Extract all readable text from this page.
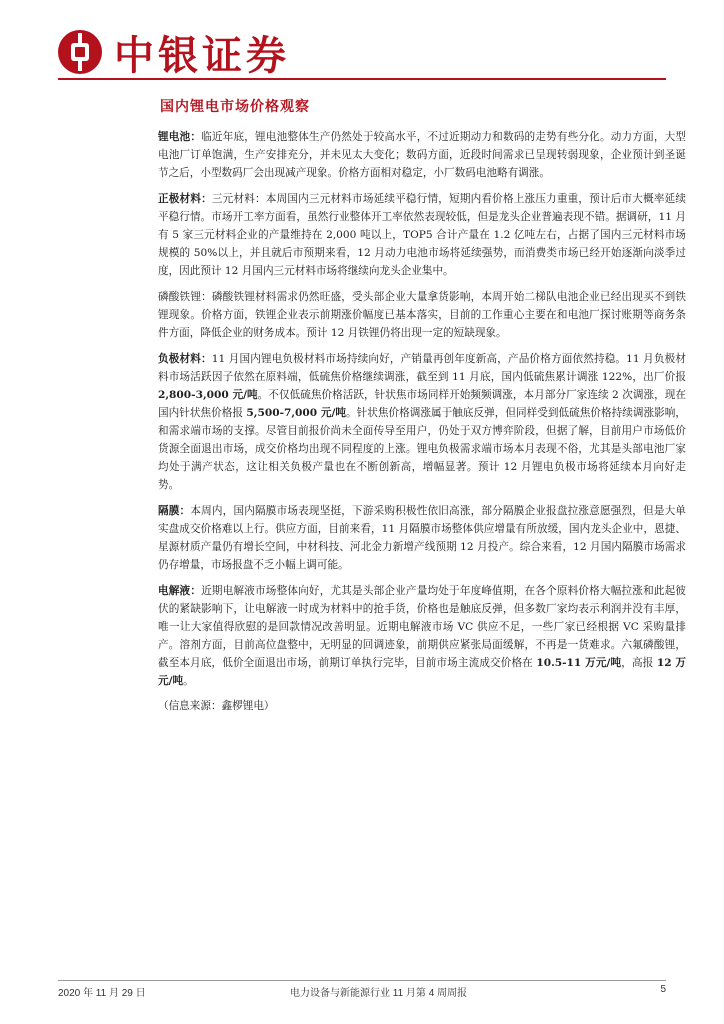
中银证券
国内锂电市场价格观察

锂电池：临近年底，锂电池整体生产仍然处于较高水平，不过近期动力和数码的走势有些分化。动力方面，大型电池厂订单饱满，生产安排充分，并未见太大变化；数码方面，近段时间需求已呈现转弱现象，企业预计到圣诞节之后，小型数码厂会出现减产现象。价格方面相对稳定，小厂数码电池略有调涨。

正极材料：三元材料：本周国内三元材料市场延续平稳行情，短期内看价格上涨压力重重，预计后市大概率延续平稳行情。市场开工率方面看，虽然行业整体开工率依然表现较低，但是龙头企业普遍表现不错。据调研，11 月有 5 家三元材料企业的产量维持在 2,000 吨以上，TOP5 合计产量在 1.2 亿吨左右，占据了国内三元材料市场规模的 50%以上，并且就后市预期来看，12 月动力电池市场将延续强势，而消费类市场已经开始逐渐向淡季过度，因此预计 12 月国内三元材料市场将继续向龙头企业集中。

磷酸铁锂：磷酸铁锂材料需求仍然旺盛，受头部企业大量拿货影响，本周开始二梯队电池企业已经出现买不到铁锂现象。价格方面，铁锂企业表示前期涨价幅度已基本落实，目前的工作重心主要在和电池厂探讨账期等商务条件方面，降低企业的财务成本。预计 12 月铁锂仍将出现一定的短缺现象。

负极材料：11 月国内锂电负极材料市场持续向好，产销量再创年度新高，产品价格方面依然持稳。11 月负极材料市场活跃因子依然在原料端，低硫焦价格继续调涨，截至到 11 月底，国内低硫焦累计调涨 122%，出厂价报 2,800-3,000 元/吨。不仅低硫焦价格活跃，针状焦市场同样开始频频调涨，本月部分厂家连续 2 次调涨，现在国内针状焦价格报 5,500-7,000 元/吨。针状焦价格调涨属于触底反弹，但同样受到低硫焦价格持续调涨影响，和需求端市场的支撑。尽管目前报价尚未全面传导至用户，仍处于双方博弈阶段，但据了解，目前用户市场低价货源全面退出市场，成交价格均出现不同程度的上涨。锂电负极需求端市场本月表现不俗，尤其是头部电池厂家均处于满产状态，这让相关负极产量也在不断创新高，增幅显著。预计 12 月锂电负极市场将延续本月向好走势。

隔膜：本周内，国内隔膜市场表现坚挺，下游采购积极性依旧高涨，部分隔膜企业报盘拉涨意愿强烈，但是大单实盘成交价格难以上行。供应方面，目前来看，11 月隔膜市场整体供应增量有所放缓，国内龙头企业中，恩捷、星源材质产量仍有增长空间，中材科技、河北金力新增产线预期 12 月投产。综合来看，12 月国内隔膜市场需求仍存增量，市场报盘不乏小幅上调可能。

电解液：近期电解液市场整体向好，尤其是头部企业产量均处于年度峰值期，在各个原料价格大幅拉涨和此起彼伏的紧缺影响下，让电解液一时成为材料中的抢手货，价格也是触底反弹，但多数厂家均表示利润并没有丰厚，唯一让大家值得欣慰的是回款情况改善明显。近期电解液市场 VC 供应不足，一些厂家已经根据 VC 采购量排产。溶剂方面，目前高位盘整中，无明显的回调迹象，前期供应紧张局面缓解，不再是一货难求。六氟磷酸锂，截至本月底，低价全面退出市场，前期订单执行完毕，目前市场主流成交价格在 10.5-11 万元/吨，高报 12 万元/吨。

（信息来源：鑫椤锂电）
2020 年 11 月 29 日	电力设备与新能源行业 11 月第 4 周周报	5
